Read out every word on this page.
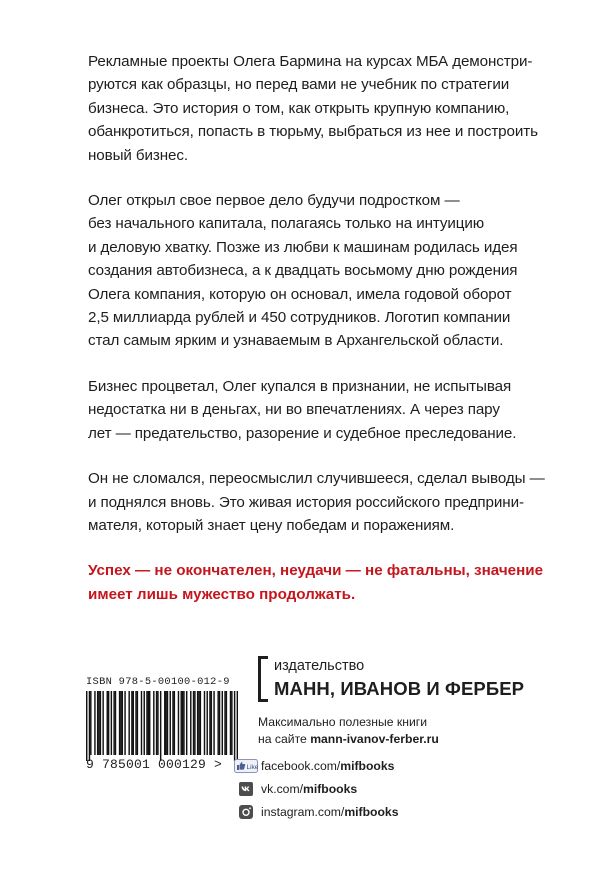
Рекламные проекты Олега Бармина на курсах МБА демонстри-
руются как образцы, но перед вами не учебник по стратегии
бизнеса. Это история о том, как открыть крупную компанию,
обанкротиться, попасть в тюрьму, выбраться из нее и построить
новый бизнес.

Олег открыл свое первое дело будучи подростком —
без начального капитала, полагаясь только на интуицию
и деловую хватку. Позже из любви к машинам родилась идея
создания автобизнеса, а к двадцать восьмому дню рождения
Олега компания, которую он основал, имела годовой оборот
2,5 миллиарда рублей и 450 сотрудников. Логотип компании
стал самым ярким и узнаваемым в Архангельской области.

Бизнес процветал, Олег купался в признании, не испытывая
недостатка ни в деньгах, ни во впечатлениях. А через пару
лет — предательство, разорение и судебное преследование.

Он не сломался, переосмыслил случившееся, сделал выводы —
и поднялся вновь. Это живая история российского предприни-
мателя, который знает цену победам и поражениям.

Успех — не окончателен, неудачи — не фатальны, значение
имеет лишь мужество продолжать.

ISBN 978-5-00100-012-9
9 785001 000129 >
издательство
МАНН, ИВАНОВ И ФЕРБЕР
Максимально полезные книги
на сайте mann-ivanov-ferber.ru
Like facebook.com/mifbooks
vk.com/mifbooks
instagram.com/mifbooks
